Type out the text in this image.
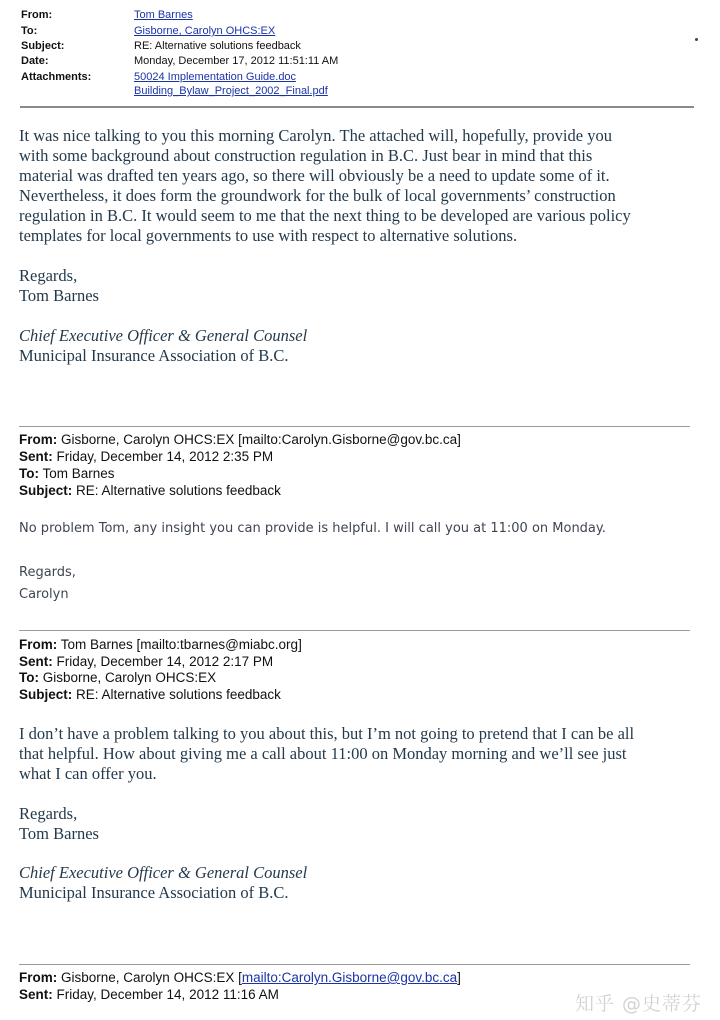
From:	Tom Barnes
To:	Gisborne, Carolyn OHCS:EX
Subject:	RE: Alternative solutions feedback
Date:	Monday, December 17, 2012 11:51:11 AM
Attachments:	50024 Implementation Guide.doc
Building_Bylaw_Project_2002_Final.pdf
It was nice talking to you this morning Carolyn. The attached will, hopefully, provide you
with some background about construction regulation in B.C. Just bear in mind that this
material was drafted ten years ago, so there will obviously be a need to update some of it.
Nevertheless, it does form the groundwork for the bulk of local governments’ construction
regulation in B.C. It would seem to me that the next thing to be developed are various policy
templates for local governments to use with respect to alternative solutions.
Regards,
Tom Barnes
Chief Executive Officer & General Counsel
Municipal Insurance Association of B.C.
From: Gisborne, Carolyn OHCS:EX [mailto:Carolyn.Gisborne@gov.bc.ca]
Sent: Friday, December 14, 2012 2:35 PM
To: Tom Barnes
Subject: RE: Alternative solutions feedback
No problem Tom, any insight you can provide is helpful. I will call you at 11:00 on Monday.
Regards,
Carolyn
From: Tom Barnes [mailto:tbarnes@miabc.org]
Sent: Friday, December 14, 2012 2:17 PM
To: Gisborne, Carolyn OHCS:EX
Subject: RE: Alternative solutions feedback
I don’t have a problem talking to you about this, but I’m not going to pretend that I can be all
that helpful. How about giving me a call about 11:00 on Monday morning and we’ll see just
what I can offer you.
Regards,
Tom Barnes
Chief Executive Officer & General Counsel
Municipal Insurance Association of B.C.
From: Gisborne, Carolyn OHCS:EX [mailto:Carolyn.Gisborne@gov.bc.ca]
Sent: Friday, December 14, 2012 11:16 AM	知乎 @史蒂芬
